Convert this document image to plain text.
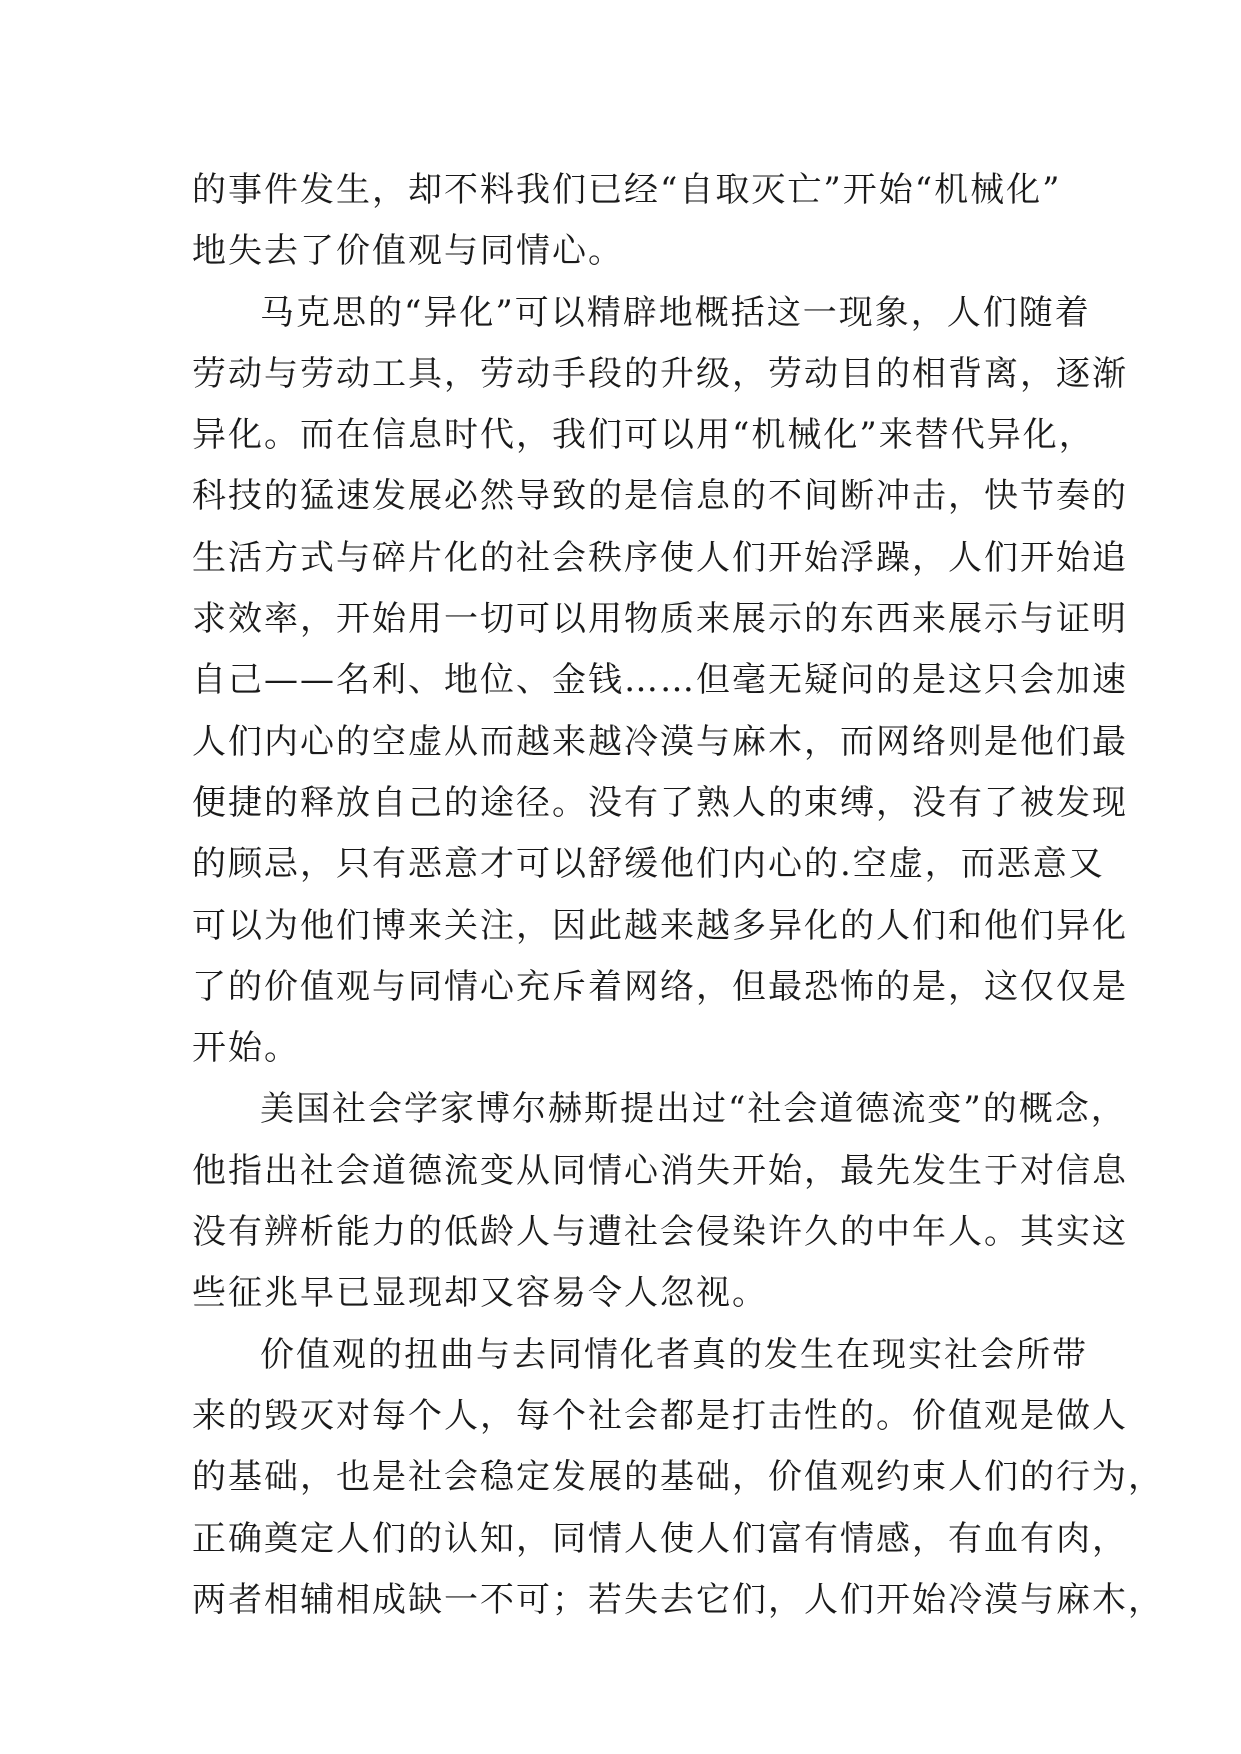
的事件发生，却不料我们已经“自取灭亡”开始“机械化”
地失去了价值观与同情心。
马克思的“异化”可以精辟地概括这一现象，人们随着
劳动与劳动工具，劳动手段的升级，劳动目的相背离，逐渐
异化。而在信息时代，我们可以用“机械化”来替代异化，
科技的猛速发展必然导致的是信息的不间断冲击，快节奏的
生活方式与碎片化的社会秩序使人们开始浮躁，人们开始追
求效率，开始用一切可以用物质来展示的东西来展示与证明
自己——名利、地位、金钱……但毫无疑问的是这只会加速
人们内心的空虚从而越来越冷漠与麻木，而网络则是他们最
便捷的释放自己的途径。没有了熟人的束缚，没有了被发现
的顾忌，只有恶意才可以舒缓他们内心的.空虚，而恶意又
可以为他们博来关注，因此越来越多异化的人们和他们异化
了的价值观与同情心充斥着网络，但最恐怖的是，这仅仅是
开始。
美国社会学家博尔赫斯提出过“社会道德流变”的概念，
他指出社会道德流变从同情心消失开始，最先发生于对信息
没有辨析能力的低龄人与遭社会侵染许久的中年人。其实这
些征兆早已显现却又容易令人忽视。
价值观的扭曲与去同情化者真的发生在现实社会所带
来的毁灭对每个人，每个社会都是打击性的。价值观是做人
的基础，也是社会稳定发展的基础，价值观约束人们的行为，
正确奠定人们的认知，同情人使人们富有情感，有血有肉，
两者相辅相成缺一不可；若失去它们，人们开始冷漠与麻木，
